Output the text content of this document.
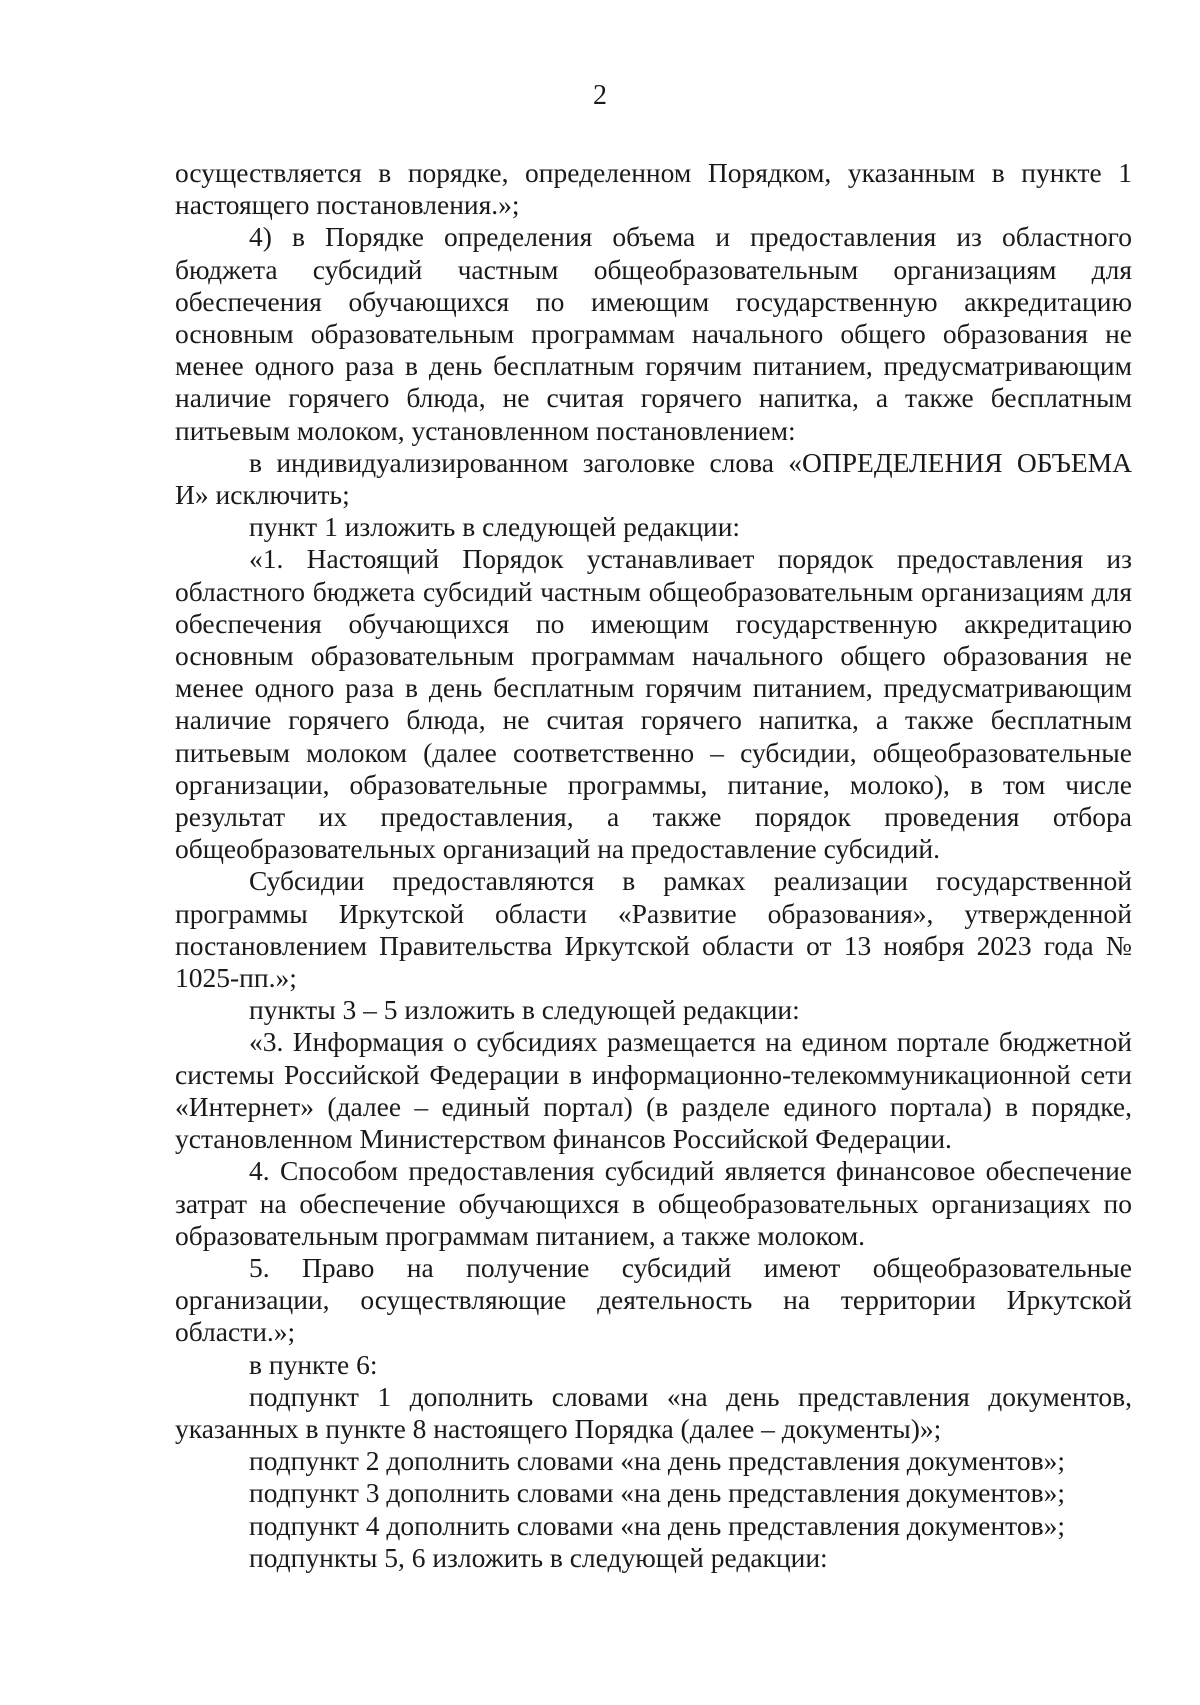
2

осуществляется в порядке, определенном Порядком, указанным в пункте 1 настоящего постановления.»;

4) в Порядке определения объема и предоставления из областного бюджета субсидий частным общеобразовательным организациям для обеспечения обучающихся по имеющим государственную аккредитацию основным образовательным программам начального общего образования не менее одного раза в день бесплатным горячим питанием, предусматривающим наличие горячего блюда, не считая горячего напитка, а также бесплатным питьевым молоком, установленном постановлением:

в индивидуализированном заголовке слова «ОПРЕДЕЛЕНИЯ ОБЪЕМА И» исключить;

пункт 1 изложить в следующей редакции:

«1. Настоящий Порядок устанавливает порядок предоставления из областного бюджета субсидий частным общеобразовательным организациям для обеспечения обучающихся по имеющим государственную аккредитацию основным образовательным программам начального общего образования не менее одного раза в день бесплатным горячим питанием, предусматривающим наличие горячего блюда, не считая горячего напитка, а также бесплатным питьевым молоком (далее соответственно – субсидии, общеобразовательные организации, образовательные программы, питание, молоко), в том числе результат их предоставления, а также порядок проведения отбора общеобразовательных организаций на предоставление субсидий.

Субсидии предоставляются в рамках реализации государственной программы Иркутской области «Развитие образования», утвержденной постановлением Правительства Иркутской области от 13 ноября 2023 года № 1025-пп.»;

пункты 3 – 5 изложить в следующей редакции:

«3. Информация о субсидиях размещается на едином портале бюджетной системы Российской Федерации в информационно-телекоммуникационной сети «Интернет» (далее – единый портал) (в разделе единого портала) в порядке, установленном Министерством финансов Российской Федерации.

4. Способом предоставления субсидий является финансовое обеспечение затрат на обеспечение обучающихся в общеобразовательных организациях по образовательным программам питанием, а также молоком.

5. Право на получение субсидий имеют общеобразовательные организации, осуществляющие деятельность на территории Иркутской области.»;

в пункте 6:

подпункт 1 дополнить словами «на день представления документов, указанных в пункте 8 настоящего Порядка (далее – документы)»;

подпункт 2 дополнить словами «на день представления документов»;

подпункт 3 дополнить словами «на день представления документов»;

подпункт 4 дополнить словами «на день представления документов»;

подпункты 5, 6 изложить в следующей редакции:
